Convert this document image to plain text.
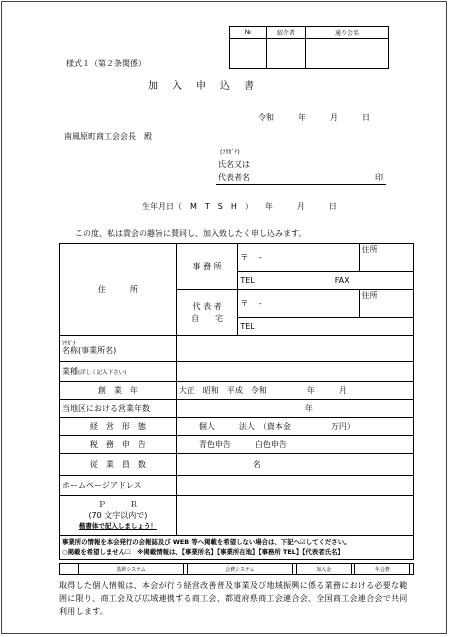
№	紹介者	通り会名

様式１（第２条関係）
加　入　申　込　書
令和　　　年　　　月　　　日
南風原町商工会会長　殿
(ﾌﾘｶﾞﾅ)
氏名又は
代表者名	印
生年月日（　M　T　S　H　）　　年　　　月　　　日
この度、私は貴会の趣旨に賛同し、加入致したく申し込みます。
住　　　所	事 務 所	〒　 -	住所
		TEL FAX	
	代 表 者
自　　宅	〒　 -	住所
		TEL	

ﾌﾘｶﾞﾅ
名称(事業所名)			
業種(詳しく記入下さい)			
創　業　年	大正　昭和　平成　令和　　　　　年　　　月		
当地区における営業年数	年		
経　営　形　態	個人　　　法人　（資本金　　　　　万円）		
税　務　申　告	青色申告　　　白色申告		
従　業　員　数	名		
ホームページアドレス			

Ｐ　　　Ｒ
(70 文字以内で)
楷書体で記入しましょう！			

事業所の情報を本会発行の会報誌及び WEB 等へ掲載を希望しない場合は、下記へ☑してください。
○掲載を希望しません☐　※掲載情報は、【事業所名】【事業所在地】【事務所 TEL】【代表者氏名】			
	基幹システム		会費システム		加入金		年会費	
取得した個人情報は、本会が行う経営改善普及事業及び地域振興に係る業務における必要な範囲に限り、商工会及び広域連携する商工会、都道府県商工会連合会、全国商工会連合会で共同利用します。
